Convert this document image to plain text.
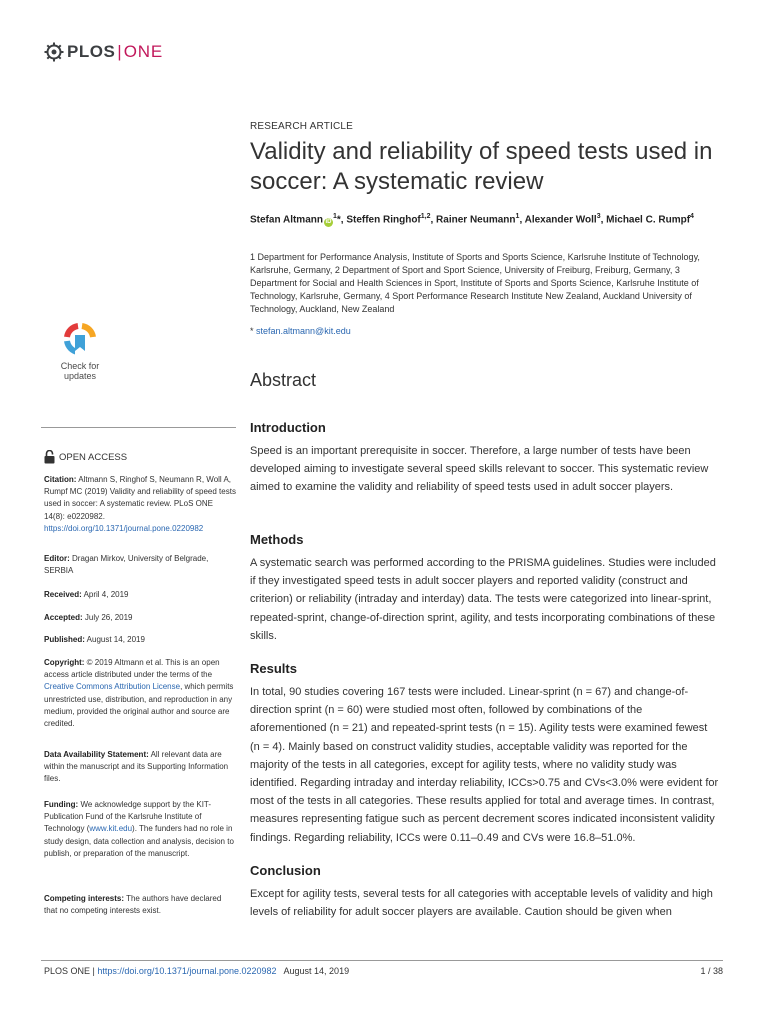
PLOS | ONE
RESEARCH ARTICLE
Validity and reliability of speed tests used in soccer: A systematic review
Stefan Altmann $iD^1*$, Steffen Ringhof$^{1,2}$, Rainer Neumann$^1$, Alexander Woll$^3$, Michael C. Rumpf$^4$
1 Department for Performance Analysis, Institute of Sports and Sports Science, Karlsruhe Institute of Technology, Karlsruhe, Germany, 2 Department of Sport and Sport Science, University of Freiburg, Freiburg, Germany, 3 Department for Social and Health Sciences in Sport, Institute of Sports and Sports Science, Karlsruhe Institute of Technology, Karlsruhe, Germany, 4 Sport Performance Research Institute New Zealand, Auckland University of Technology, Auckland, New Zealand
* stefan.altmann@kit.edu
Check for
updates	Abstract
Introduction

Speed is an important prerequisite in soccer. Therefore, a large number of tests have been developed aiming to investigate several speed skills relevant to soccer. This systematic review aimed to examine the validity and reliability of speed tests used in adult soccer players.

Methods

A systematic search was performed according to the PRISMA guidelines. Studies were included if they investigated speed tests in adult soccer players and reported validity (construct and criterion) or reliability (intraday and interday) data. The tests were categorized into linear-sprint, repeated-sprint, change-of-direction sprint, agility, and tests incorporating combinations of these skills.

Results

In total, 90 studies covering 167 tests were included. Linear-sprint (n = 67) and change-of-direction sprint (n = 60) were studied most often, followed by combinations of the aforementioned (n = 21) and repeated-sprint tests (n = 15). Agility tests were examined fewest (n = 4). Mainly based on construct validity studies, acceptable validity was reported for the majority of the tests in all categories, except for agility tests, where no validity study was identified. Regarding intraday and interday reliability, ICCs>0.75 and CVs<3.0% were evident for most of the tests in all categories. These results applied for total and average times. In contrast, measures representing fatigue such as percent decrement scores indicated inconsistent validity findings. Regarding reliability, ICCs were 0.11–0.49 and CVs were 16.8–51.0%.

Conclusion

Except for agility tests, several tests for all categories with acceptable levels of validity and high levels of reliability for adult soccer players are available. Caution should be given when

OPEN ACCESS
Citation: Altmann S, Ringhof S, Neumann R, Woll A, Rumpf MC (2019) Validity and reliability of speed tests used in soccer: A systematic review. PLoS ONE 14(8): e0220982. https://doi.org/10.1371/journal.pone.0220982
Editor: Dragan Mirkov, University of Belgrade, SERBIA
Received: April 4, 2019
Accepted: July 26, 2019
Published: August 14, 2019
Copyright: © 2019 Altmann et al. This is an open access article distributed under the terms of the Creative Commons Attribution License, which permits unrestricted use, distribution, and reproduction in any medium, provided the original author and source are credited.
Data Availability Statement: All relevant data are within the manuscript and its Supporting Information files.
Funding: We acknowledge support by the KIT-Publication Fund of the Karlsruhe Institute of Technology (www.kit.edu). The funders had no role in study design, data collection and analysis, decision to publish, or preparation of the manuscript.
Competing interests: The authors have declared that no competing interests exist.
PLOS ONE | https://doi.org/10.1371/journal.pone.0220982   August 14, 2019	1 / 38
